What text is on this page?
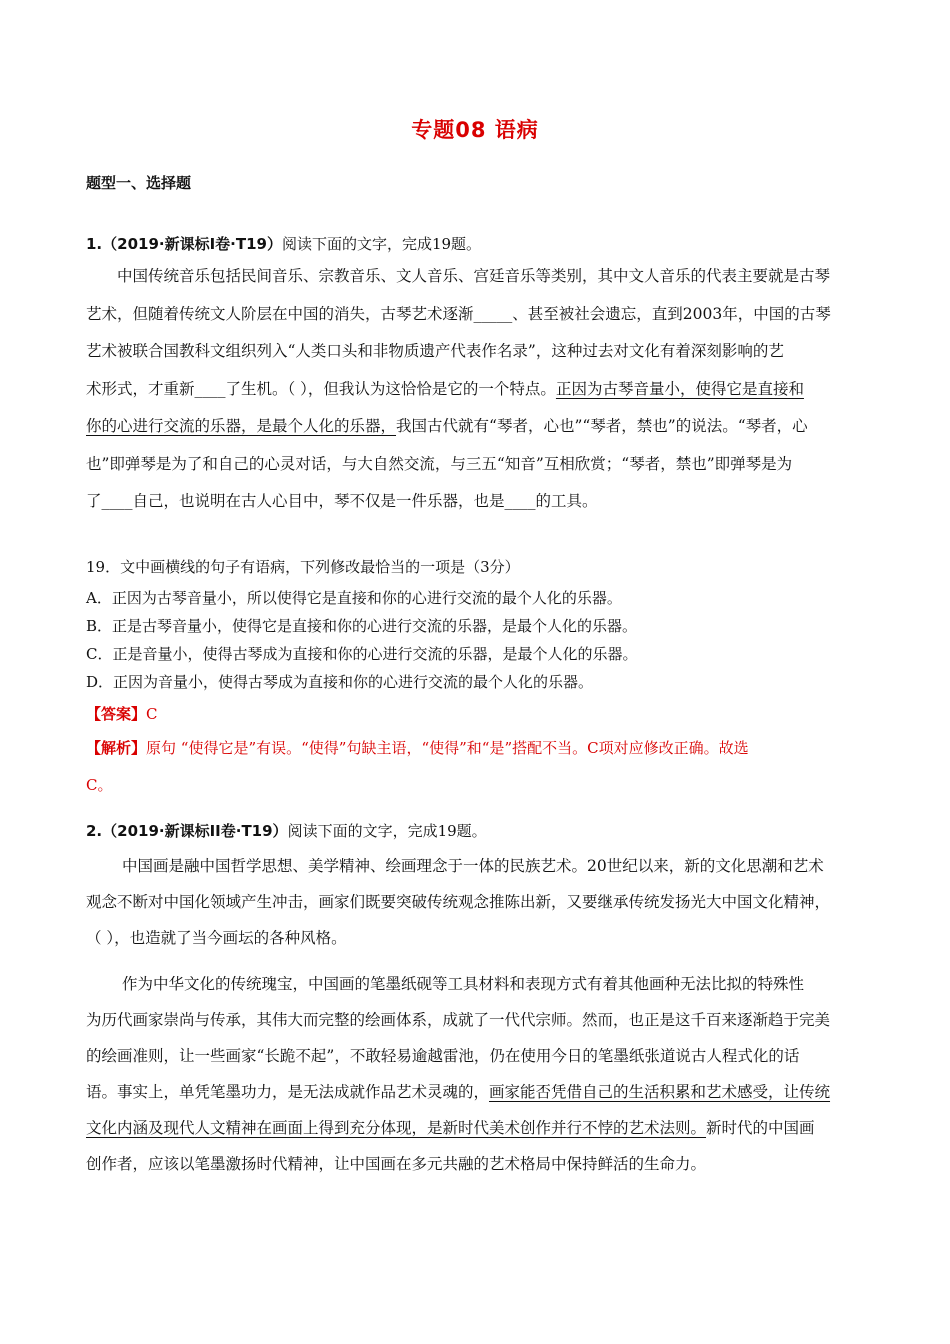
专题08 语病
题型一、选择题
1.（2019·新课标Ⅰ卷·T19）阅读下面的文字，完成19题。
中国传统音乐包括民间音乐、宗教音乐、文人音乐、宫廷音乐等类别，其中文人音乐的代表主要就是古琴
艺术，但随着传统文人阶层在中国的消失，古琴艺术逐渐_____、甚至被社会遗忘，直到2003年，中国的古琴
艺术被联合国教科文组织列入“人类口头和非物质遗产代表作名录”，这种过去对文化有着深刻影响的艺
术形式，才重新____了生机。（ ），但我认为这恰恰是它的一个特点。正因为古琴音量小，使得它是直接和
你的心进行交流的乐器，是最个人化的乐器，我国古代就有“琴者，心也”“琴者，禁也”的说法。“琴者，心
也”即弹琴是为了和自己的心灵对话，与大自然交流，与三五“知音”互相欣赏；“琴者，禁也”即弹琴是为
了____自己，也说明在古人心目中，琴不仅是一件乐器，也是____的工具。
19．文中画横线的句子有语病，下列修改最恰当的一项是（3分）
A．正因为古琴音量小，所以使得它是直接和你的心进行交流的最个人化的乐器。
B．正是古琴音量小，使得它是直接和你的心进行交流的乐器，是最个人化的乐器。
C．正是音量小，使得古琴成为直接和你的心进行交流的乐器，是最个人化的乐器。
D．正因为音量小，使得古琴成为直接和你的心进行交流的最个人化的乐器。
【答案】C
【解析】原句 “使得它是”有误。“使得”句缺主语，“使得”和“是”搭配不当。C项对应修改正确。故选
C。
2.（2019·新课标II卷·T19）阅读下面的文字，完成19题。
中国画是融中国哲学思想、美学精神、绘画理念于一体的民族艺术。20世纪以来，新的文化思潮和艺术
观念不断对中国化领域产生冲击，画家们既要突破传统观念推陈出新，又要继承传统发扬光大中国文化精神，
（ ），也造就了当今画坛的各种风格。
作为中华文化的传统瑰宝，中国画的笔墨纸砚等工具材料和表现方式有着其他画种无法比拟的特殊性
为历代画家崇尚与传承，其伟大而完整的绘画体系，成就了一代代宗师。然而，也正是这千百来逐渐趋于完美
的绘画准则，让一些画家“长跪不起”，不敢轻易逾越雷池，仍在使用今日的笔墨纸张道说古人程式化的话
语。事实上，单凭笔墨功力，是无法成就作品艺术灵魂的，画家能否凭借自己的生活积累和艺术感受，让传统
文化内涵及现代人文精神在画面上得到充分体现，是新时代美术创作并行不悖的艺术法则。新时代的中国画
创作者，应该以笔墨激扬时代精神，让中国画在多元共融的艺术格局中保持鲜活的生命力。
